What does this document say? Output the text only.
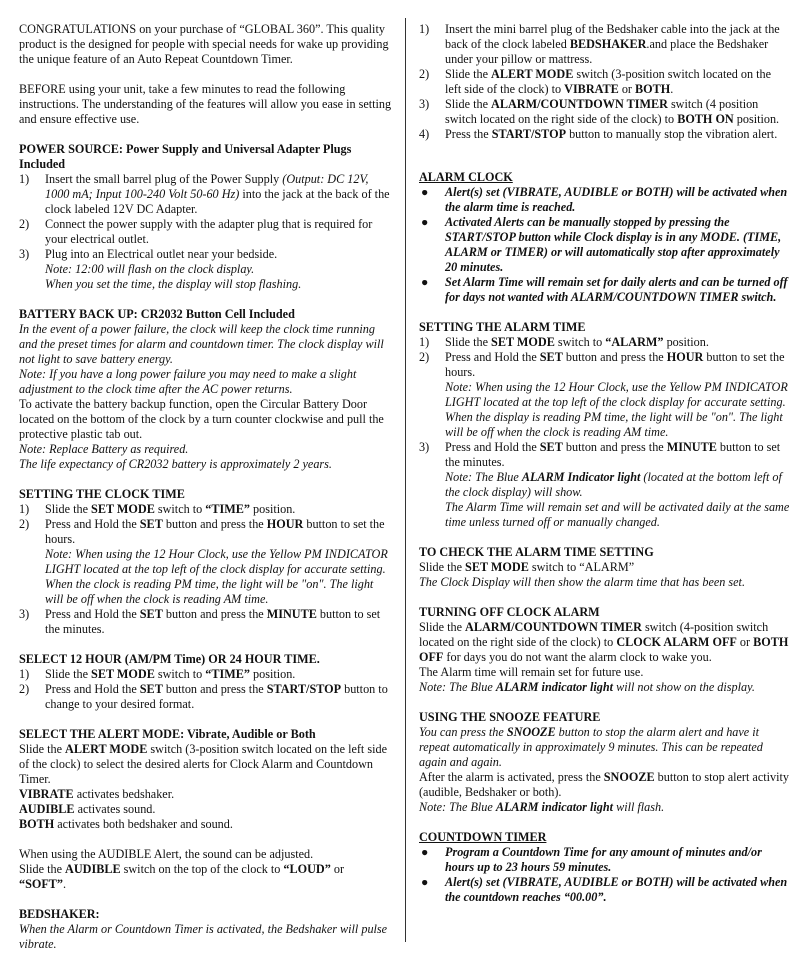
CONGRATULATIONS on your purchase of “GLOBAL 360”. This quality product is the designed for people with special needs for wake up providing the unique feature of an Auto Repeat Countdown Timer.

BEFORE using your unit, take a few minutes to read the following instructions. The understanding of the features will allow you ease in setting and ensure effective use.

POWER SOURCE: Power Supply and Universal Adapter Plugs Included

1) Insert the small barrel plug of the Power Supply (Output: DC 12V, 1000 mA; Input 100-240 Volt 50-60 Hz) into the jack at the back of the clock labeled 12V DC Adapter.
2) Connect the power supply with the adapter plug that is required for your electrical outlet.
3) Plug into an Electrical outlet near your bedside.
Note: 12:00 will flash on the clock display.
When you set the time, the display will stop flashing.

BATTERY BACK UP: CR2032 Button Cell Included

In the event of a power failure, the clock will keep the clock time running and the preset times for alarm and countdown timer. The clock display will not light to save battery energy.

Note: If you have a long power failure you may need to make a slight adjustment to the clock time after the AC power returns.

To activate the battery backup function, open the Circular Battery Door located on the bottom of the clock by a turn counter clockwise and pull the protective plastic tab out.

Note: Replace Battery as required.

The life expectancy of CR2032 battery is approximately 2 years.

SETTING THE CLOCK TIME

1) Slide the SET MODE switch to “TIME” position.
2) Press and Hold the SET button and press the HOUR button to set the hours.
Note: When using the 12 Hour Clock, use the Yellow PM INDICATOR LIGHT located at the top left of the clock display for accurate setting. When the clock is reading PM time, the light will be "on". The light will be off when the clock is reading AM time.
3) Press and Hold the SET button and press the MINUTE button to set the minutes.

SELECT 12 HOUR (AM/PM Time) OR 24 HOUR TIME.

1) Slide the SET MODE switch to “TIME” position.
2) Press and Hold the SET button and press the START/STOP button to change to your desired format.

SELECT THE ALERT MODE: Vibrate, Audible or Both

Slide the ALERT MODE switch (3-position switch located on the left side of the clock) to select the desired alerts for Clock Alarm and Countdown Timer.

VIBRATE activates bedshaker.

AUDIBLE activates sound.

BOTH activates both bedshaker and sound.

When using the AUDIBLE Alert, the sound can be adjusted.

Slide the AUDIBLE switch on the top of the clock to “LOUD” or “SOFT”.

BEDSHAKER:

When the Alarm or Countdown Timer is activated, the Bedshaker will pulse vibrate.

1) Insert the mini barrel plug of the Bedshaker cable into the jack at the back of the clock labeled BEDSHAKER.and place the Bedshaker under your pillow or mattress.
2) Slide the ALERT MODE switch (3-position switch located on the left side of the clock) to VIBRATE or BOTH.
3) Slide the ALARM/COUNTDOWN TIMER switch (4 position switch located on the right side of the clock) to BOTH ON position.
4) Press the START/STOP button to manually stop the vibration alert.

ALARM CLOCK

● Alert(s) set (VIBRATE, AUDIBLE or BOTH) will be activated when the alarm time is reached.
● Activated Alerts can be manually stopped by pressing the START/STOP button while Clock display is in any MODE. (TIME, ALARM or TIMER) or will automatically stop after approximately 20 minutes.
● Set Alarm Time will remain set for daily alerts and can be turned off for days not wanted with ALARM/COUNTDOWN TIMER switch.

SETTING THE ALARM TIME

1) Slide the SET MODE switch to “ALARM” position.
2) Press and Hold the SET button and press the HOUR button to set the hours.
Note: When using the 12 Hour Clock, use the Yellow PM INDICATOR LIGHT located at the top left of the clock display for accurate setting. When the display is reading PM time, the light will be "on". The light will be off when the clock is reading AM time.
3) Press and Hold the SET button and press the MINUTE button to set the minutes.
Note: The Blue ALARM Indicator light (located at the bottom left of the clock display) will show.
The Alarm Time will remain set and will be activated daily at the same time unless turned off or manually changed.

TO CHECK THE ALARM TIME SETTING

Slide the SET MODE switch to “ALARM”

The Clock Display will then show the alarm time that has been set.

TURNING OFF CLOCK ALARM

Slide the ALARM/COUNTDOWN TIMER switch (4-position switch located on the right side of the clock) to CLOCK ALARM OFF or BOTH OFF for days you do not want the alarm clock to wake you.

The Alarm time will remain set for future use.

Note: The Blue ALARM indicator light will not show on the display.

USING THE SNOOZE FEATURE

You can press the SNOOZE button to stop the alarm alert and have it repeat automatically in approximately 9 minutes. This can be repeated again and again.

After the alarm is activated, press the SNOOZE button to stop alert activity (audible, Bedshaker or both).

Note: The Blue ALARM indicator light will flash.

COUNTDOWN TIMER

● Program a Countdown Time for any amount of minutes and/or hours up to 23 hours 59 minutes.
● Alert(s) set (VIBRATE, AUDIBLE or BOTH) will be activated when the countdown reaches “00.00”.
